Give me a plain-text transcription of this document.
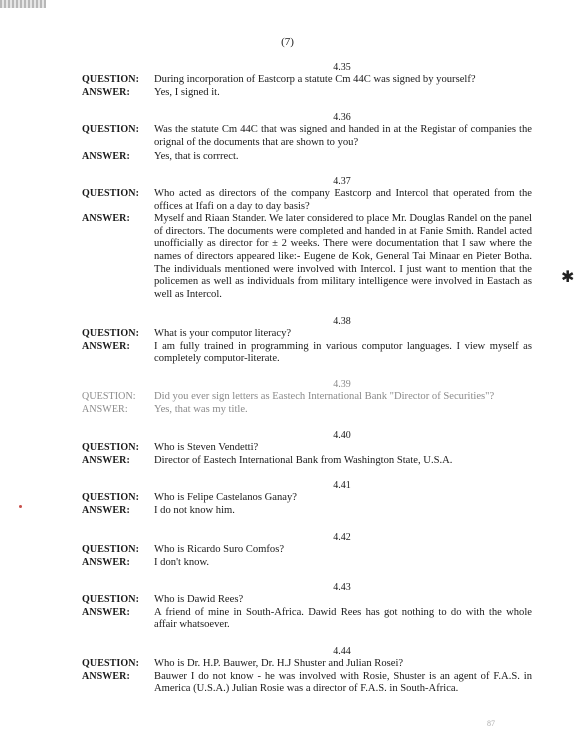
(7)
4.35
QUESTION:	During incorporation of Eastcorp a statute Cm 44C was signed by yourself?
ANSWER:	Yes, I signed it.
4.36
QUESTION:	Was the statute Cm 44C that was signed and handed in at the Registar of companies the orignal of the documents that are shown to you?
ANSWER:	Yes, that is corrrect.
4.37
QUESTION:	Who acted as directors of the company Eastcorp and Intercol that operated from the offices at Ifafi on a day to day basis?
ANSWER:	Myself and Riaan Stander. We later considered to place Mr. Douglas Randel on the panel of directors. The documents were completed and handed in at Fanie Smith. Randel acted unofficially as director for ± 2 weeks. There were documentation that I saw where the names of directors appeared like:- Eugene de Kok, General Tai Minaar en Pieter Botha. The individuals mentioned were involved with Intercol. I just want to mention that the policemen as well as individuals from military intelligence were involved in Eastach as well as Intercol.
4.38
QUESTION:	What is your computor literacy?
ANSWER:	I am fully trained in programming in various computor languages. I view myself as completely computor-literate.
4.39
QUESTION:	Did you ever sign letters as Eastech International Bank "Director of Securities"?
ANSWER:	Yes, that was my title.
4.40
QUESTION:	Who is Steven Vendetti?
ANSWER:	Director of Eastech International Bank from Washington State, U.S.A.
4.41
QUESTION:	Who is Felipe Castelanos Ganay?
ANSWER:	I do not know him.
4.42
QUESTION:	Who is Ricardo Suro Comfos?
ANSWER:	I don't know.
4.43
QUESTION:	Who is Dawid Rees?
ANSWER:	A friend of mine in South-Africa. Dawid Rees has got nothing to do with the whole affair whatsoever.
4.44
QUESTION:	Who is Dr. H.P. Bauwer, Dr. H.J Shuster and Julian Rosei?
ANSWER:	Bauwer I do not know - he was involved with Rosie, Shuster is an agent of F.A.S. in America (U.S.A.) Julian Rosie was a director of F.A.S. in South-Africa.
✱
87
